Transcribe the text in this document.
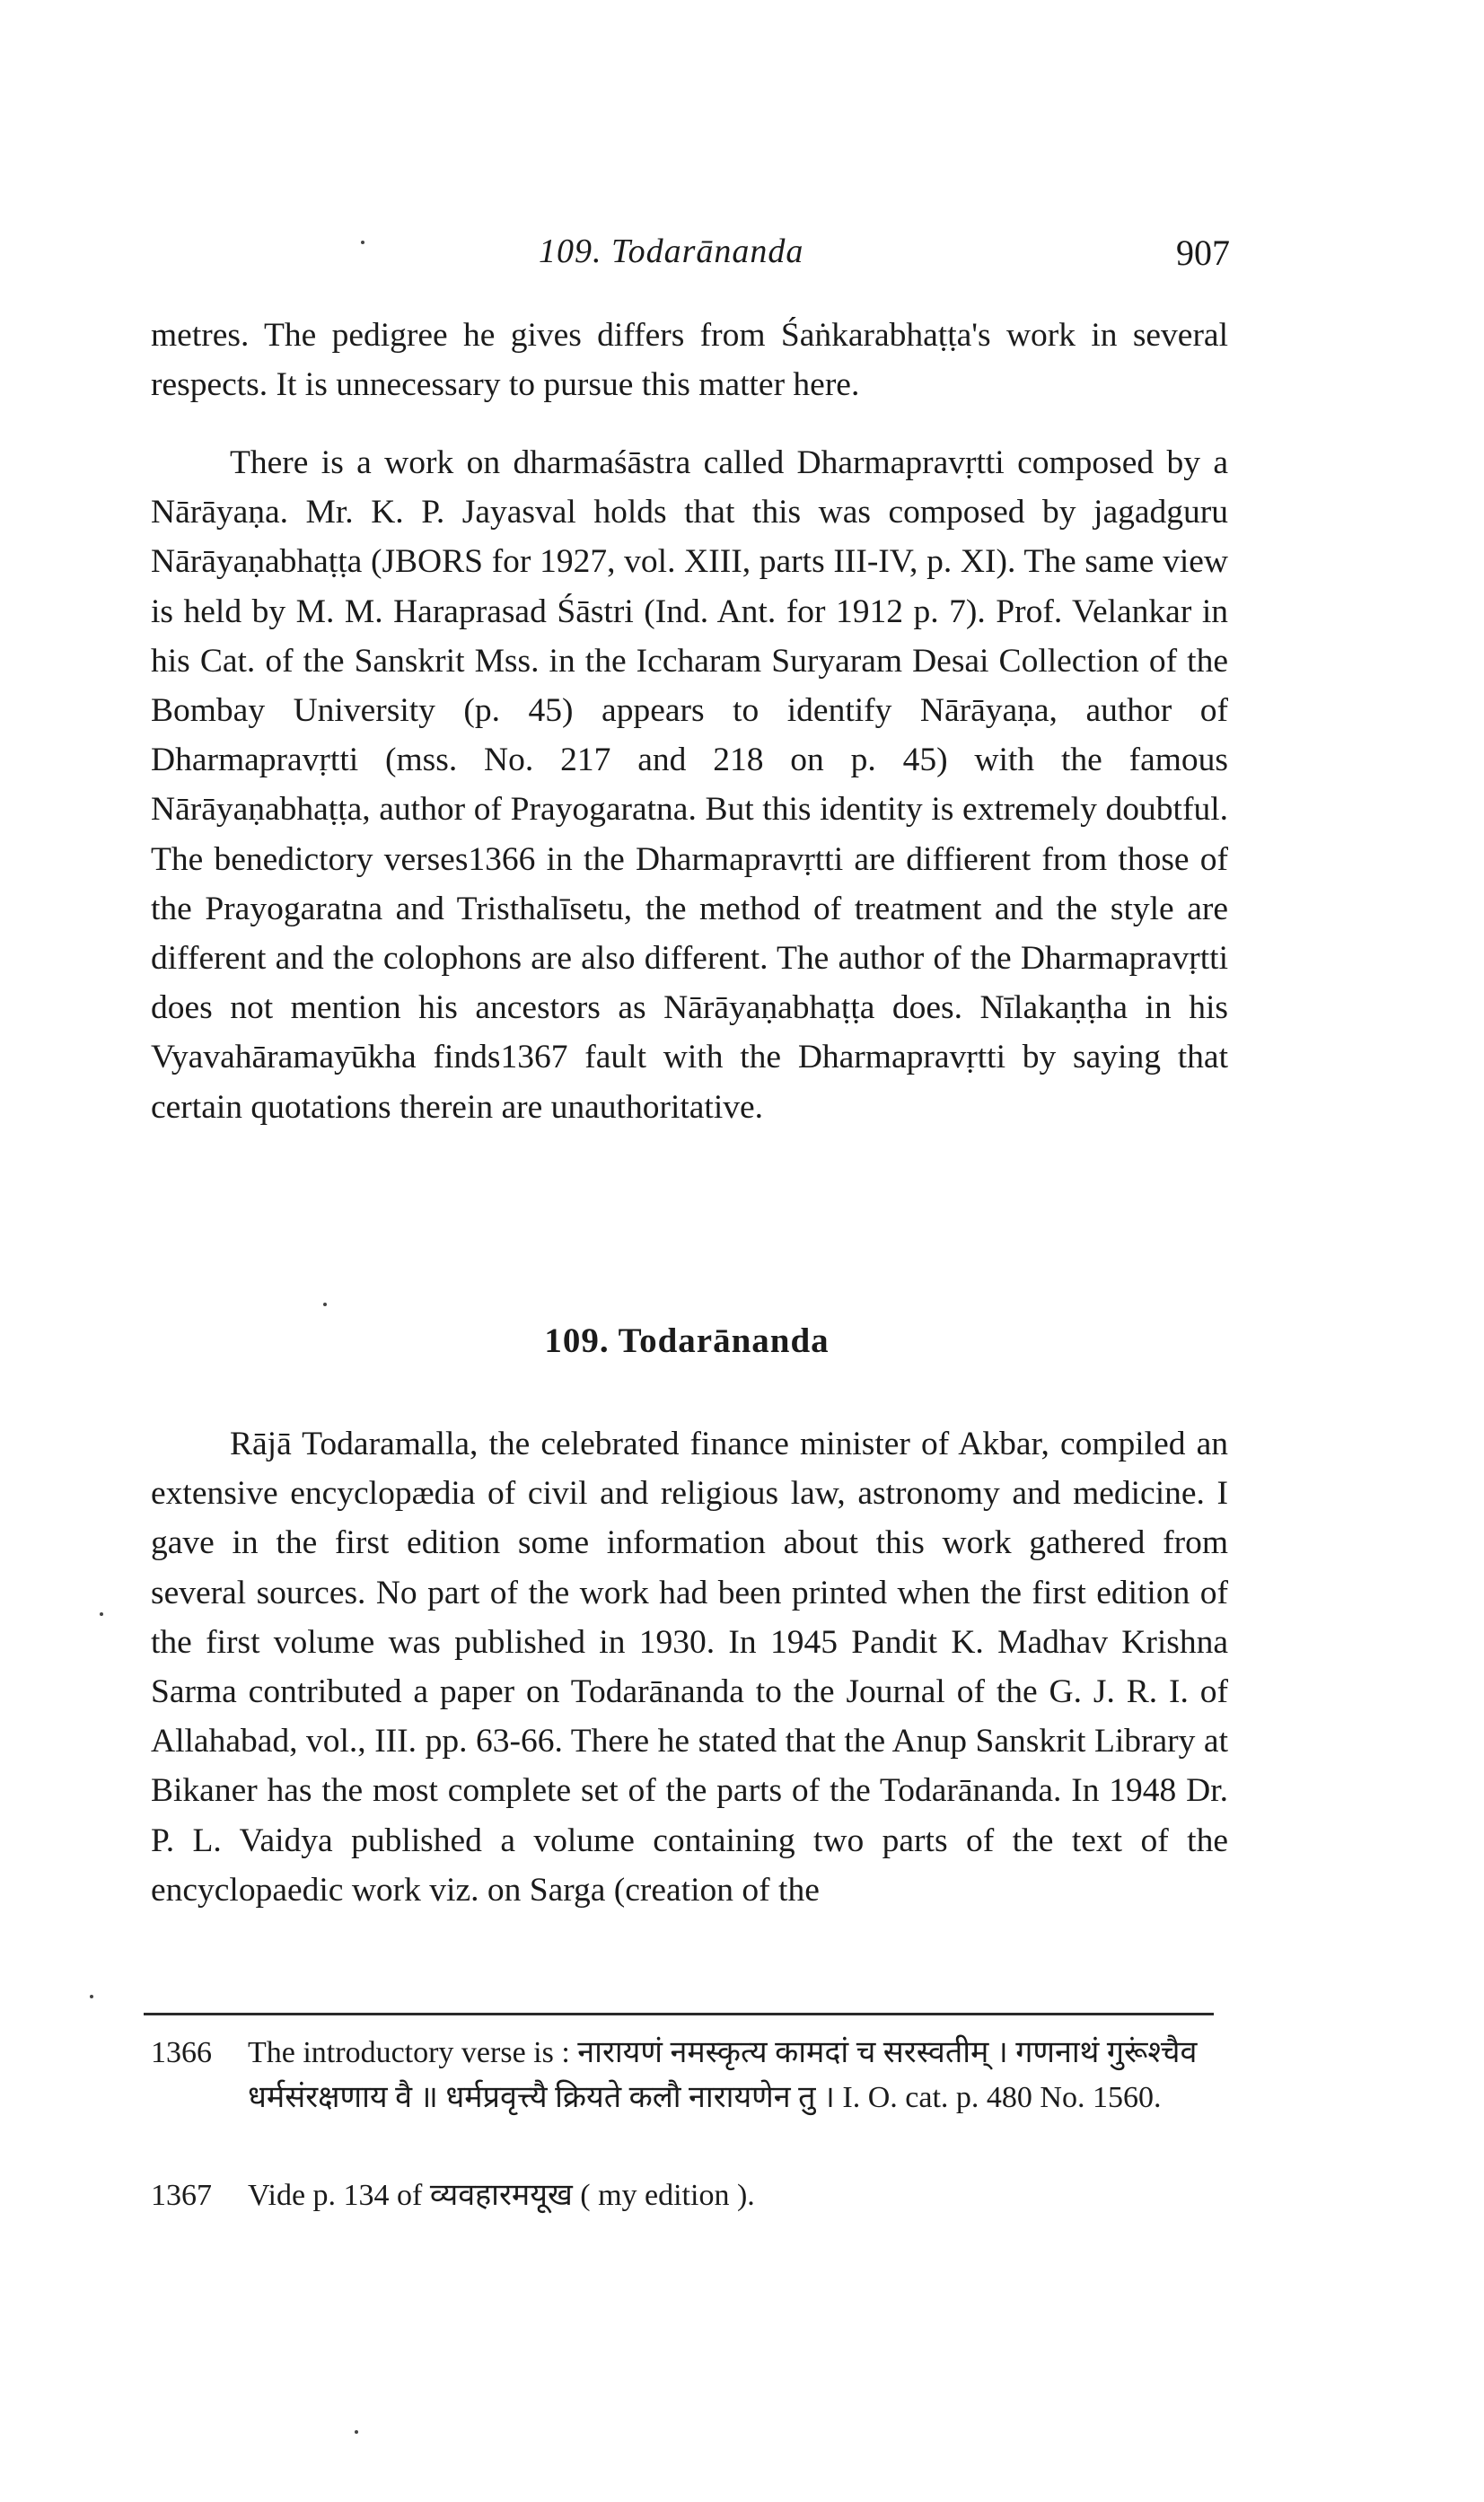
109. Todarānanda	907
metres. The pedigree he gives differs from Śaṅkarabhaṭṭa's work in several respects. It is unnecessary to pursue this matter here.
There is a work on dharmaśāstra called Dharmapravṛtti composed by a Nārāyaṇa. Mr. K. P. Jayasval holds that this was composed by jagadguru Nārāyaṇabhaṭṭa (JBORS for 1927, vol. XIII, parts III-IV, p. XI). The same view is held by M. M. Haraprasad Śāstri (Ind. Ant. for 1912 p. 7). Prof. Velankar in his Cat. of the Sanskrit Mss. in the Iccharam Suryaram Desai Collection of the Bombay University (p. 45) appears to identify Nārāyaṇa, author of Dharmapravṛtti (mss. No. 217 and 218 on p. 45) with the famous Nārāyaṇabhaṭṭa, author of Prayogaratna. But this identity is extremely doubtful. The benedictory verses1366 in the Dharmapravṛtti are diffierent from those of the Prayogaratna and Tristhalīsetu, the method of treatment and the style are different and the colophons are also different. The author of the Dharmapravṛtti does not mention his ancestors as Nārāyaṇabhaṭṭa does. Nīlakaṇṭha in his Vyavahāramayūkha finds1367 fault with the Dharmapravṛtti by saying that certain quotations therein are unauthoritative.
109. Todarānanda
Rājā Todaramalla, the celebrated finance minister of Akbar, compiled an extensive encyclopædia of civil and religious law, astronomy and medicine. I gave in the first edition some information about this work gathered from several sources. No part of the work had been printed when the first edition of the first volume was published in 1930. In 1945 Pandit K. Madhav Krishna Sarma contributed a paper on Todarānanda to the Journal of the G. J. R. I. of Allahabad, vol., III. pp. 63-66. There he stated that the Anup Sanskrit Library at Bikaner has the most complete set of the parts of the Todarānanda. In 1948 Dr. P. L. Vaidya published a volume containing two parts of the text of the encyclopaedic work viz. on Sarga (creation of the
1366	The introductory verse is : नारायणं नमस्कृत्य कामदां च सरस्वतीम् । गणनाथं गुरूंश्चैव धर्मसंरक्षणाय वै ॥ धर्मप्रवृत्त्यै क्रियते कलौ नारायणेन तु । I. O. cat. p. 480 No. 1560.
1367	Vide p. 134 of व्यवहारमयूख ( my edition ).
